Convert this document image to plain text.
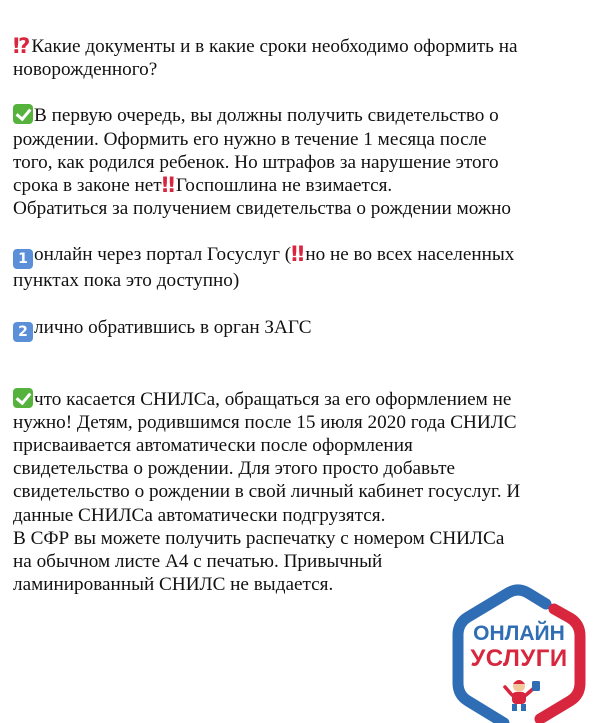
⁉ Какие документы и в какие сроки необходимо оформить на
новорожденного?

В первую очередь, вы должны получить свидетельство о
рождении. Оформить его нужно в течение 1 месяца после
того, как родился ребенок. Но штрафов за нарушение этого
срока в законе нет‼ Госпошлина не взимается.
Обратиться за получением свидетельства о рождении можно

1 онлайн через портал Госуслуг (‼ но не во всех населенных
пунктах пока это доступно)

2 лично обратившись в орган ЗАГС

что касается СНИЛСа, обращаться за его оформлением не
нужно! Детям, родившимся после 15 июля 2020 года СНИЛС
присваивается автоматически после оформления
свидетельства о рождении. Для этого просто добавьте
свидетельство о рождении в свой личный кабинет госуслуг. И
данные СНИЛСа автоматически подгрузятся.
В СФР вы можете получить распечатку с номером СНИЛСа
на обычном листе А4 с печатью. Привычный
ламинированный СНИЛС не выдается.

ОНЛАЙН
УСЛУГИ
